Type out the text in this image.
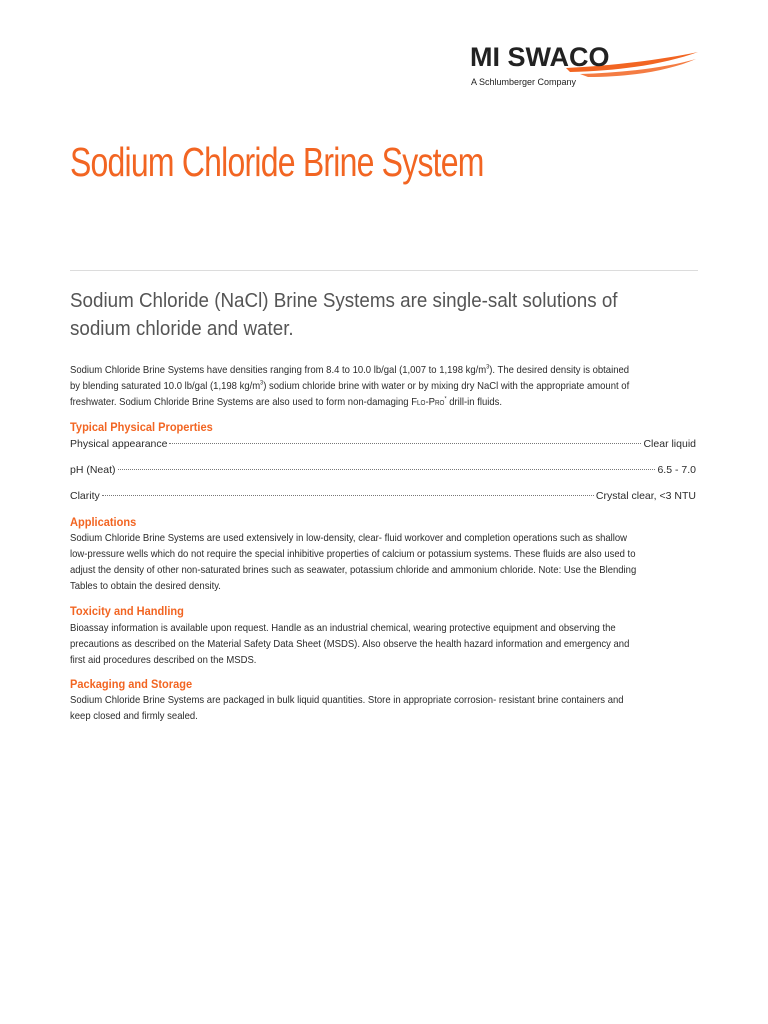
MI SWACO
A Schlumberger Company
Sodium Chloride Brine System

Sodium Chloride (NaCl) Brine Systems are single-salt solutions of
sodium chloride and water.

Sodium Chloride Brine Systems have densities ranging from 8.4 to 10.0 lb/gal (1,007 to 1,198 $kg/m^3$). The desired density is obtained
by blending saturated 10.0 lb/gal (1,198 $kg/m^3$) sodium chloride brine with water or by mixing dry NaCl with the appropriate amount of
freshwater. Sodium Chloride Brine Systems are also used to form non-damaging Flo-Pro* drill-in fluids.
Typical Physical Properties
Physical appearance	Clear liquid
pH (Neat)	6.5 - 7.0
Clarity	Crystal clear, <3 NTU
Applications
Sodium Chloride Brine Systems are used extensively in low-density, clear- fluid workover and completion operations such as shallow
low-pressure wells which do not require the special inhibitive properties of calcium or potassium systems. These fluids are also used to
adjust the density of other non-saturated brines such as seawater, potassium chloride and ammonium chloride. Note: Use the Blending
Tables to obtain the desired density.
Toxicity and Handling
Bioassay information is available upon request. Handle as an industrial chemical, wearing protective equipment and observing the
precautions as described on the Material Safety Data Sheet (MSDS). Also observe the health hazard information and emergency and
first aid procedures described on the MSDS.
Packaging and Storage
Sodium Chloride Brine Systems are packaged in bulk liquid quantities. Store in appropriate corrosion- resistant brine containers and
keep closed and firmly sealed.
